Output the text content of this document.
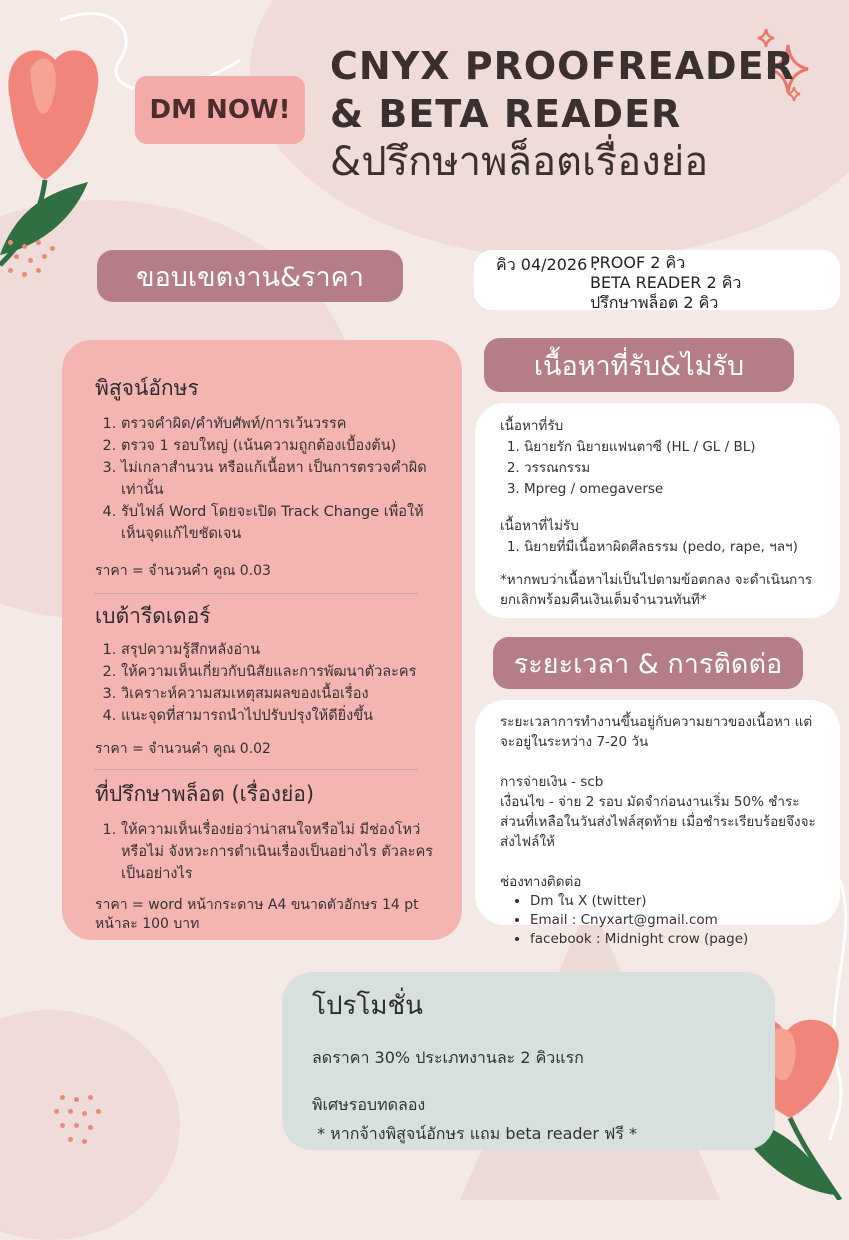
DM NOW!
CNYX PROOFREADER
& BETA READER
&ปรึกษาพล็อตเรื่องย่อ
คิว 04/2026 :
PROOF 2 คิว
BETA READER 2 คิว
ปรึกษาพล็อต 2 คิว
ขอบเขตงาน&ราคา
พิสูจน์อักษร
1. ตรวจคำผิด/คำทับศัพท์/การเว้นวรรค
2. ตรวจ 1 รอบใหญ่ (เน้นความถูกต้องเบื้องต้น)
3. ไม่เกลาสำนวน หรือแก้เนื้อหา เป็นการตรวจคำผิดเท่านั้น
4. รับไฟล์ Word โดยจะเปิด Track Change เพื่อให้เห็นจุดแก้ไขชัดเจน
ราคา = จำนวนคำ คูณ 0.03
เบต้ารีดเดอร์
1. สรุปความรู้สึกหลังอ่าน
2. ให้ความเห็นเกี่ยวกับนิสัยและการพัฒนาตัวละคร
3. วิเคราะห์ความสมเหตุสมผลของเนื้อเรื่อง
4. แนะจุดที่สามารถนำไปปรับปรุงให้ดียิ่งขึ้น
ราคา = จำนวนคำ คูณ 0.02
ที่ปรึกษาพล็อต (เรื่องย่อ)
1. ให้ความเห็นเรื่องย่อว่าน่าสนใจหรือไม่ มีช่องโหว่หรือไม่ จังหวะการดำเนินเรื่องเป็นอย่างไร ตัวละครเป็นอย่างไร
ราคา = word หน้ากระดาษ A4 ขนาดตัวอักษร 14 pt
หน้าละ 100 บาท
เนื้อหาที่รับ&ไม่รับ
เนื้อหาที่รับ
1. นิยายรัก นิยายแฟนตาซี (HL / GL / BL)
2. วรรณกรรม
3. Mpreg / omegaverse
เนื้อหาที่ไม่รับ
1. นิยายที่มีเนื้อหาผิดศีลธรรม (pedo, rape, ฯลฯ)
*หากพบว่าเนื้อหาไม่เป็นไปตามข้อตกลง จะดำเนินการยกเลิกพร้อมคืนเงินเต็มจำนวนทันที*
ระยะเวลา & การติดต่อ
ระยะเวลาการทำงานขึ้นอยู่กับความยาวของเนื้อหา แต่จะอยู่ในระหว่าง 7-20 วัน
การจ่ายเงิน - scb
เงื่อนไข - จ่าย 2 รอบ มัดจำก่อนงานเริ่ม 50% ชำระส่วนที่เหลือในวันส่งไฟล์สุดท้าย เมื่อชำระเรียบร้อยจึงจะส่งไฟล์ให้
ช่องทางติดต่อ
• Dm ใน X (twitter)
• Email : Cnyxart@gmail.com
• facebook : Midnight crow (page)
โปรโมชั่น
ลดราคา 30% ประเภทงานละ 2 คิวแรก
พิเศษรอบทดลอง
* หากจ้างพิสูจน์อักษร แถม beta reader ฟรี *
